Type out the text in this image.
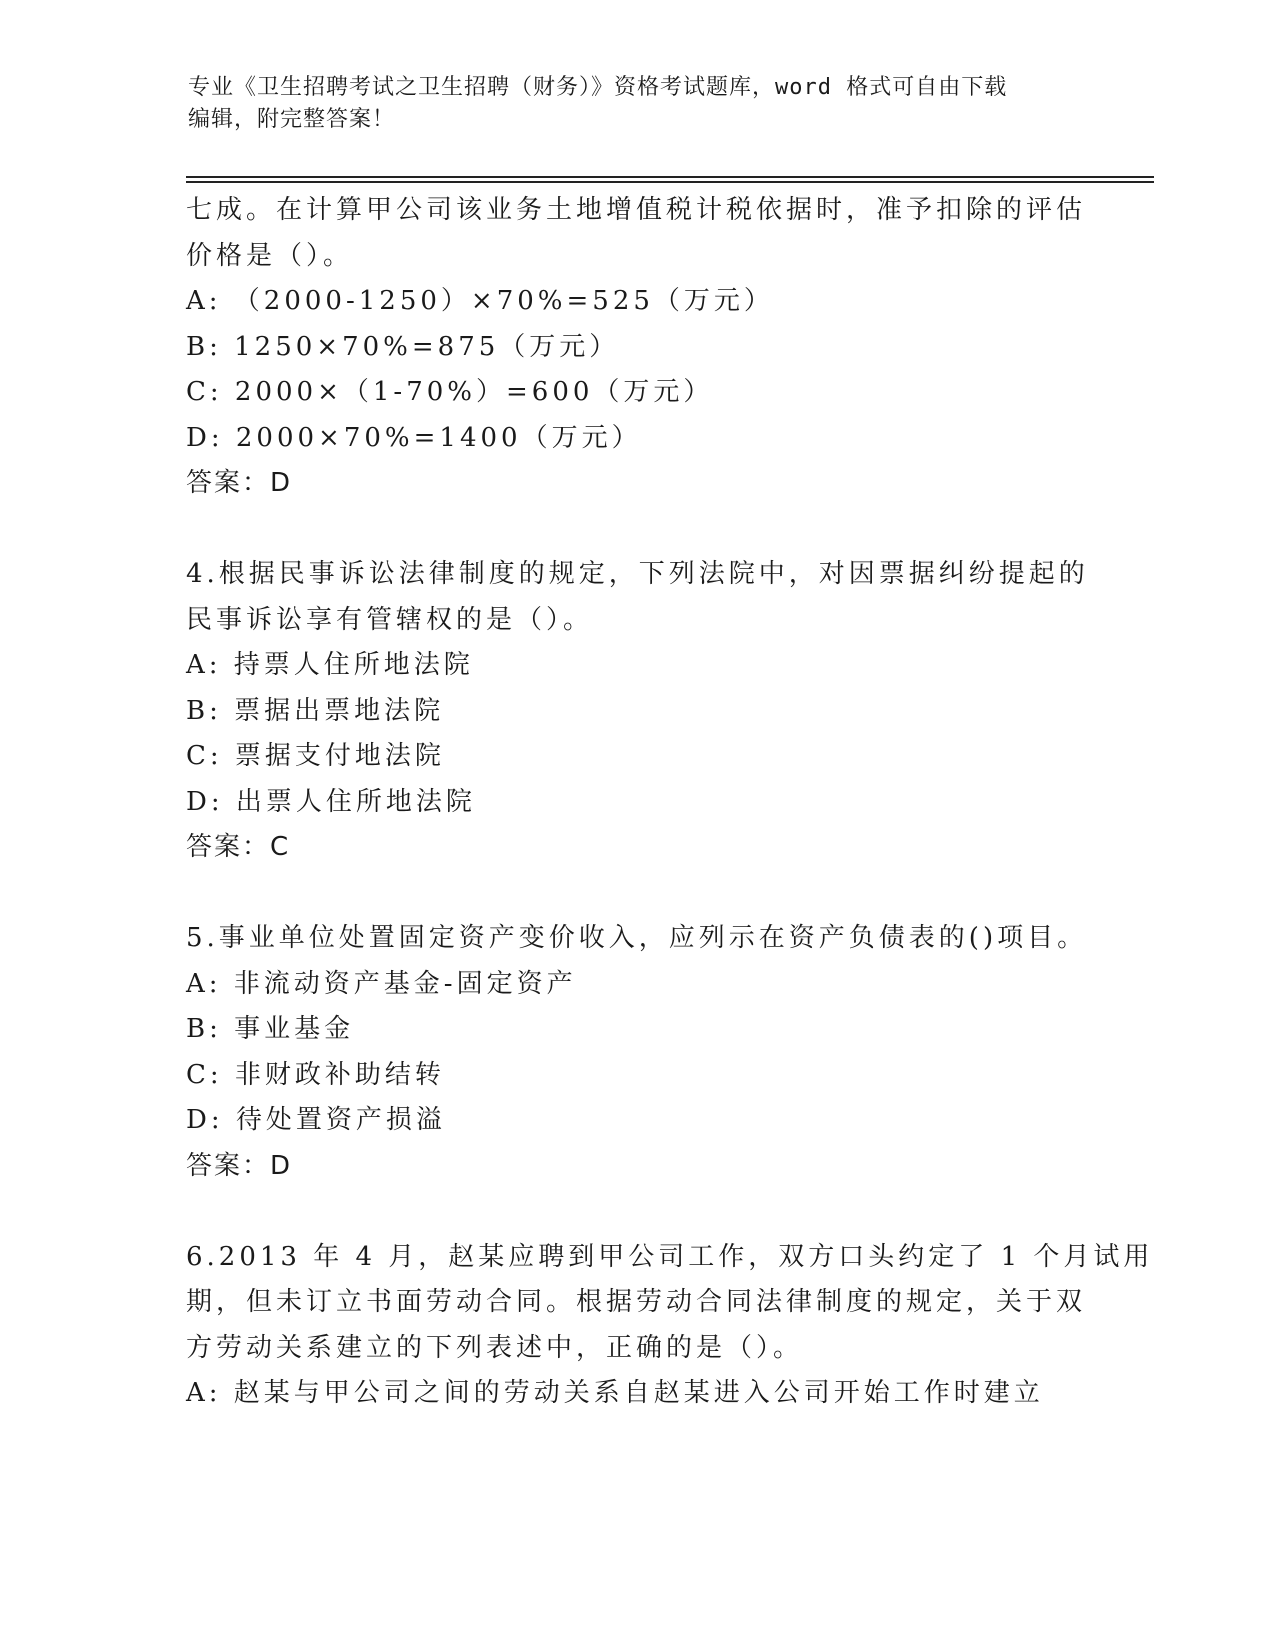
专业《卫生招聘考试之卫生招聘（财务）》资格考试题库，word 格式可自由下载
编辑，附完整答案！
七成。在计算甲公司该业务土地增值税计税依据时，准予扣除的评估
价格是（）。
A: （2000-1250）×70%=525（万元）
B: 1250×70%=875（万元）
C: 2000×（1-70%）=600（万元）
D: 2000×70%=1400（万元）
答案：D
4.根据民事诉讼法律制度的规定，下列法院中，对因票据纠纷提起的
民事诉讼享有管辖权的是（）。
A: 持票人住所地法院
B: 票据出票地法院
C: 票据支付地法院
D: 出票人住所地法院
答案：C
5.事业单位处置固定资产变价收入，应列示在资产负债表的()项目。
A: 非流动资产基金-固定资产
B: 事业基金
C: 非财政补助结转
D: 待处置资产损溢
答案：D
6.2013 年 4 月，赵某应聘到甲公司工作，双方口头约定了 1 个月试用
期，但未订立书面劳动合同。根据劳动合同法律制度的规定，关于双
方劳动关系建立的下列表述中，正确的是（）。
A: 赵某与甲公司之间的劳动关系自赵某进入公司开始工作时建立
